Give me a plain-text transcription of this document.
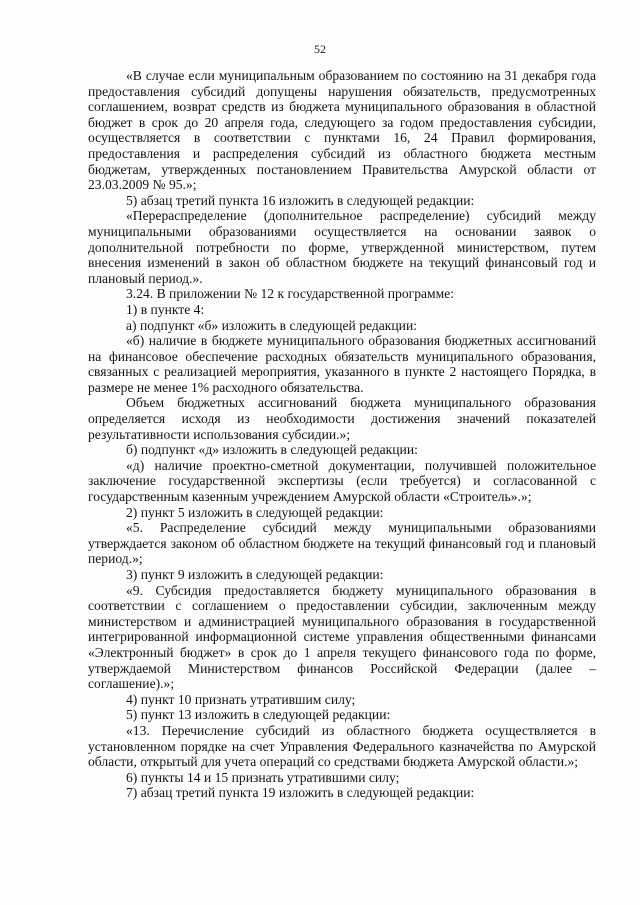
52

«В случае если муниципальным образованием по состоянию на 31 декабря года предоставления субсидий допущены нарушения обязательств, предусмотренных соглашением, возврат средств из бюджета муниципального образования в областной бюджет в срок до 20 апреля года, следующего за годом предоставления субсидии, осуществляется в соответствии с пунктами 16, 24 Правил формирования, предоставления и распределения субсидий из областного бюджета местным бюджетам, утвержденных постановлением Правительства Амурской области от 23.03.2009 № 95.»;

5) абзац третий пункта 16 изложить в следующей редакции:

«Перераспределение (дополнительное распределение) субсидий между муниципальными образованиями осуществляется на основании заявок о дополнительной потребности по форме, утвержденной министерством, путем внесения изменений в закон об областном бюджете на текущий финансовый год и плановый период.».

3.24. В приложении № 12 к государственной программе:

1) в пункте 4:

а) подпункт «б» изложить в следующей редакции:

«б) наличие в бюджете муниципального образования бюджетных ассигнований на финансовое обеспечение расходных обязательств муниципального образования, связанных с реализацией мероприятия, указанного в пункте 2 настоящего Порядка, в размере не менее 1% расходного обязательства.

Объем бюджетных ассигнований бюджета муниципального образования определяется исходя из необходимости достижения значений показателей результативности использования субсидии.»;

б) подпункт «д» изложить в следующей редакции:

«д) наличие проектно-сметной документации, получившей положительное заключение государственной экспертизы (если требуется) и согласованной с государственным казенным учреждением Амурской области «Строитель».»;

2) пункт 5 изложить в следующей редакции:

«5. Распределение субсидий между муниципальными образованиями утверждается законом об областном бюджете на текущий финансовый год и плановый период.»;

3) пункт 9 изложить в следующей редакции:

«9. Субсидия предоставляется бюджету муниципального образования в соответствии с соглашением о предоставлении субсидии, заключенным между министерством и администрацией муниципального образования в государственной интегрированной информационной системе управления общественными финансами «Электронный бюджет» в срок до 1 апреля текущего финансового года по форме, утверждаемой Министерством финансов Российской Федерации (далее – соглашение).»;

4) пункт 10 признать утратившим силу;

5) пункт 13 изложить в следующей редакции:

«13. Перечисление субсидий из областного бюджета осуществляется в установленном порядке на счет Управления Федерального казначейства по Амурской области, открытый для учета операций со средствами бюджета Амурской области.»;

6) пункты 14 и 15 признать утратившими силу;

7) абзац третий пункта 19 изложить в следующей редакции:
